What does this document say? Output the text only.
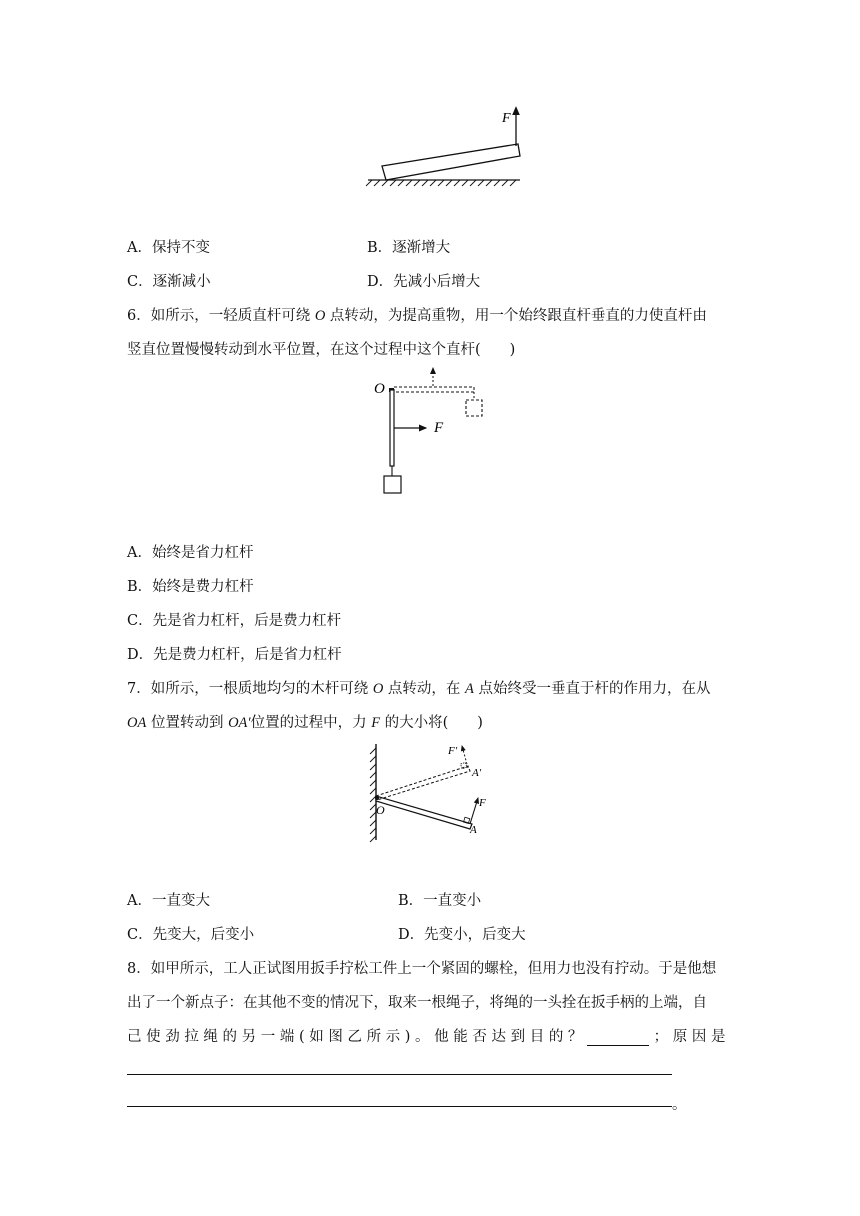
F
A．保持不变	B．逐渐增大
C．逐渐减小	D．先减小后增大
6．如所示，一轻质直杆可绕 O 点转动，为提高重物，用一个始终跟直杆垂直的力使直杆由
竖直位置慢慢转动到水平位置，在这个过程中这个直杆(　　)
O
F
A．始终是省力杠杆
B．始终是费力杠杆
C．先是省力杠杆，后是费力杠杆
D．先是费力杠杆，后是省力杠杆
7．如所示，一根质地均匀的木杆可绕 O 点转动，在 A 点始终受一垂直于杆的作用力，在从
OA 位置转动到 OA′位置的过程中，力 F 的大小将(　　)
O	F
A
F′
A′
A．一直变大	B．一直变小
C．先变大，后变小	D．先变小，后变大
8．如甲所示，工人正试图用扳手拧松工件上一个紧固的螺栓，但用力也没有拧动。于是他想
出了一个新点子：在其他不变的情况下，取来一根绳子，将绳的一头拴在扳手柄的上端，自
己 使 劲 拉 绳 的 另 一 端 ( 如 图 乙 所 示 ) 。 他 能 否 达 到 目 的 ？	； 原 因 是
。
